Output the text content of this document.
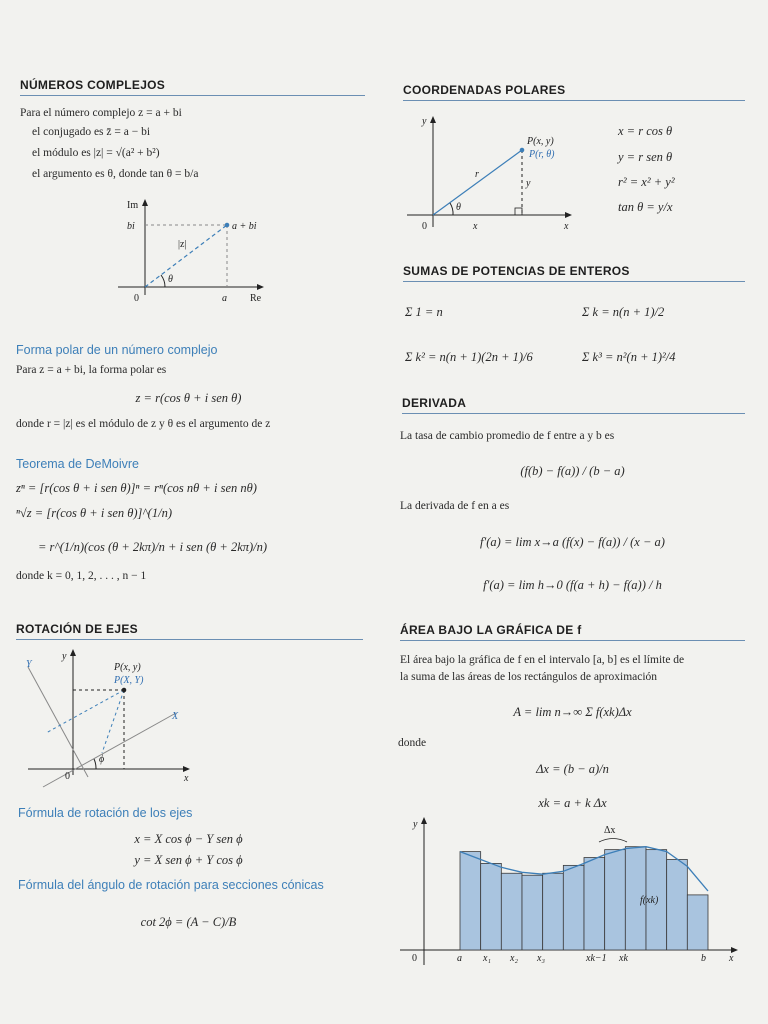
NÚMEROS COMPLEJOS
Para el número complejo z = a + bi
el conjugado es z̄ = a − bi
el módulo es |z| = √(a² + b²)
el argumento es θ, donde tan θ = b/a
Im
Re
bi
a
0
|z|
θ
a + bi
Forma polar de un número complejo
Para z = a + bi, la forma polar es
z = r(cos θ + i sen θ)
donde r = |z| es el módulo de z y θ es el argumento de z
Teorema de DeMoivre
zⁿ = [r(cos θ + i sen θ)]ⁿ = rⁿ(cos nθ + i sen nθ)
ⁿ√z = [r(cos θ + i sen θ)]^(1/n)
= r^(1/n)(cos (θ + 2kπ)/n + i sen (θ + 2kπ)/n)
donde k = 0, 1, 2, . . . , n − 1
ROTACIÓN DE EJES
y
Y
X
x
0
P(x, y)
P(X, Y)
ϕ
Fórmula de rotación de los ejes
x = X cos ϕ − Y sen ϕ
y = X sen ϕ + Y cos ϕ
Fórmula del ángulo de rotación para secciones cónicas
cot 2ϕ = (A − C)/B
COORDENADAS POLARES
y
x
0
P(x, y)
P(r, θ)
r
y
x
θ
x = r cos θ
y = r sen θ
r² = x² + y²
tan θ = y/x
SUMAS DE POTENCIAS DE ENTEROS
Σ 1 = n	Σ k = n(n + 1)/2
Σ k² = n(n + 1)(2n + 1)/6	Σ k³ = n²(n + 1)²/4
DERIVADA
La tasa de cambio promedio de f entre a y b es
(f(b) − f(a)) / (b − a)
La derivada de f en a es
f′(a) = lim x→a (f(x) − f(a)) / (x − a)
f′(a) = lim h→0 (f(a + h) − f(a)) / h
ÁREA BAJO LA GRÁFICA DE f
El área bajo la gráfica de f en el intervalo [a, b] es el límite de
la suma de las áreas de los rectángulos de aproximación
A = lim n→∞ Σ f(xk)Δx
donde
Δx = (b − a)/n
xk = a + k Δx
y
0	a x₁ x₂ x₃	xk−1 xk	b x
Δx
f(xk)
